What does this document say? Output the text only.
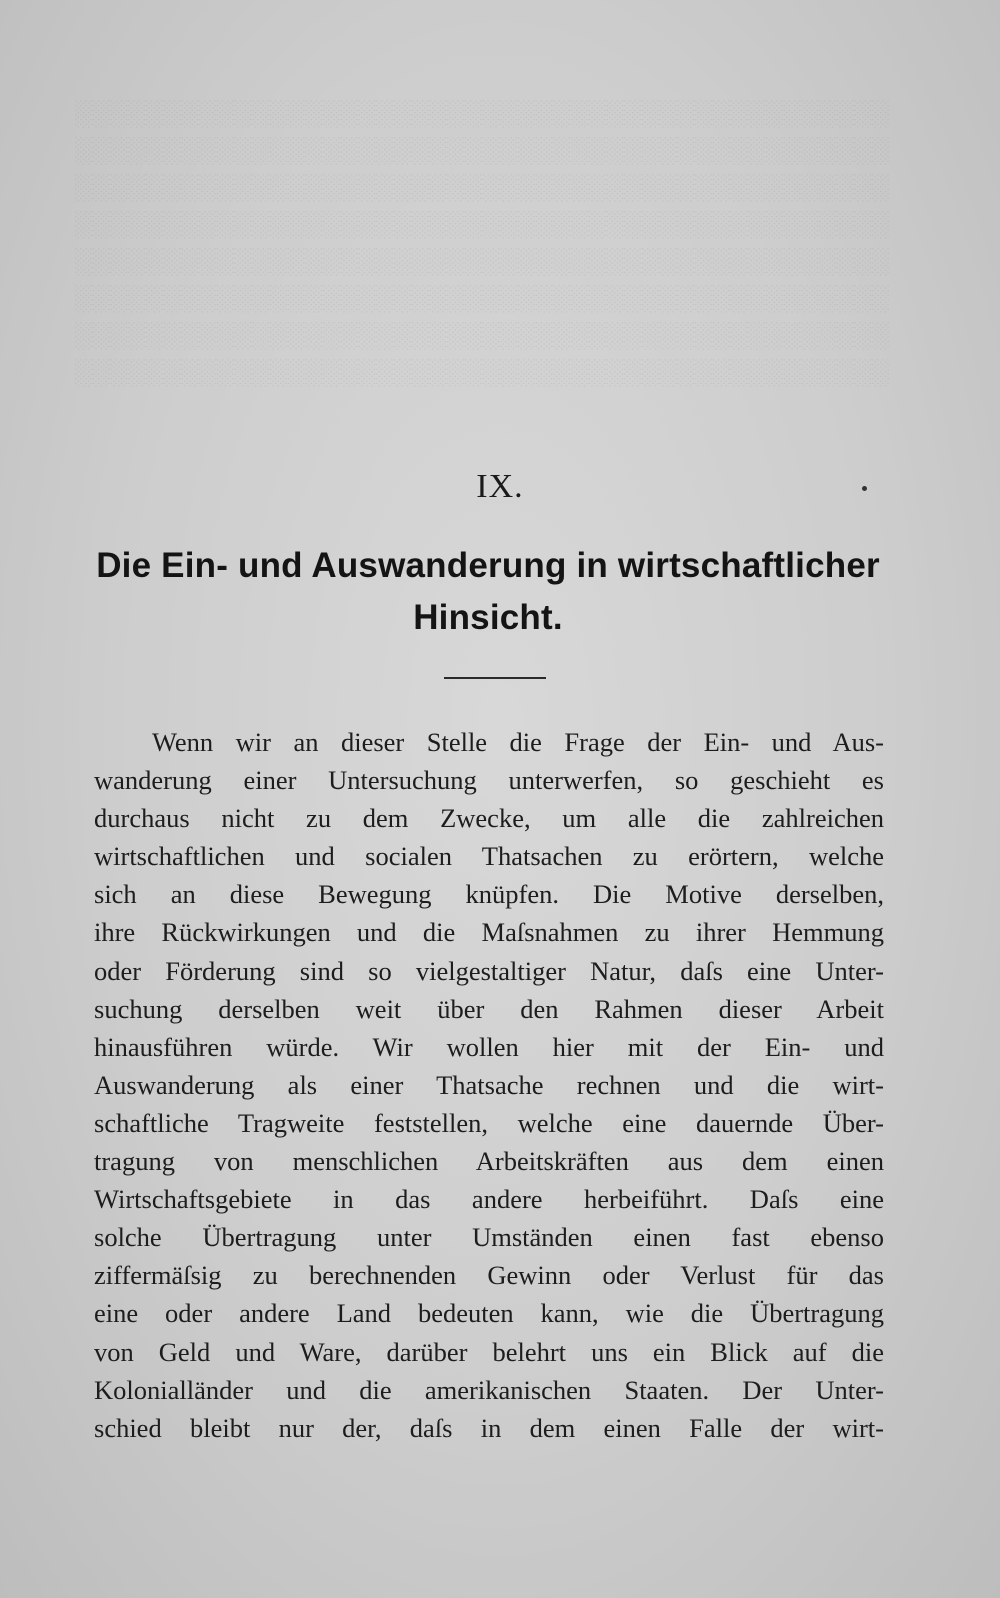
░░░░░░░░░░░░░░░░░░░░░░░░░░░░░░░░░░░░░░░░░░░░░░
░░░░░░░░░░░░░░░░░░░░░░░░░░░░░░░░░░░░░░░░░░░░░░
░░░░░░░░░░░░░░░░░░░░░░░░░░░░░░░░░░░░░░░░░░░░░░
░░░░░░░░░░░░░░░░░░░░░░░░░░░░░░░░░░░░░░░░░░░░░░
░░░░░░░░░░░░░░░░░░░░░░░░░░░░░░░░░░░░░░░░░░░░░░
░░░░░░░░░░░░░░░░░░░░░░░░░░░░░░░░░░░░░░░░░░░░░░
░░░░░░░░░░░░░░░░░░░░░░░░░░░░░░░░░░░░░░░░░░░░░░
░░░░░░░░░░░░░░░░░░░░░░░░░░░░░░░░░░░░░░░░░░░░░░
IX.
Die Ein- und Auswanderung in wirtschaftlicher Hinsicht.
Wenn wir an dieser Stelle die Frage der Ein- und Aus-
wanderung einer Untersuchung unterwerfen, so geschieht es
durchaus nicht zu dem Zwecke, um alle die zahlreichen
wirtschaftlichen und socialen Thatsachen zu erörtern, welche
sich an diese Bewegung knüpfen. Die Motive derselben,
ihre Rückwirkungen und die Maſsnahmen zu ihrer Hemmung
oder Förderung sind so vielgestaltiger Natur, daſs eine Unter-
suchung derselben weit über den Rahmen dieser Arbeit
hinausführen würde. Wir wollen hier mit der Ein- und
Auswanderung als einer Thatsache rechnen und die wirt-
schaftliche Tragweite feststellen, welche eine dauernde Über-
tragung von menschlichen Arbeitskräften aus dem einen
Wirtschaftsgebiete in das andere herbeiführt. Daſs eine
solche Übertragung unter Umständen einen fast ebenso
ziffermäſsig zu berechnenden Gewinn oder Verlust für das
eine oder andere Land bedeuten kann, wie die Übertragung
von Geld und Ware, darüber belehrt uns ein Blick auf die
Kolonialländer und die amerikanischen Staaten. Der Unter-
schied bleibt nur der, daſs in dem einen Falle der wirt-
